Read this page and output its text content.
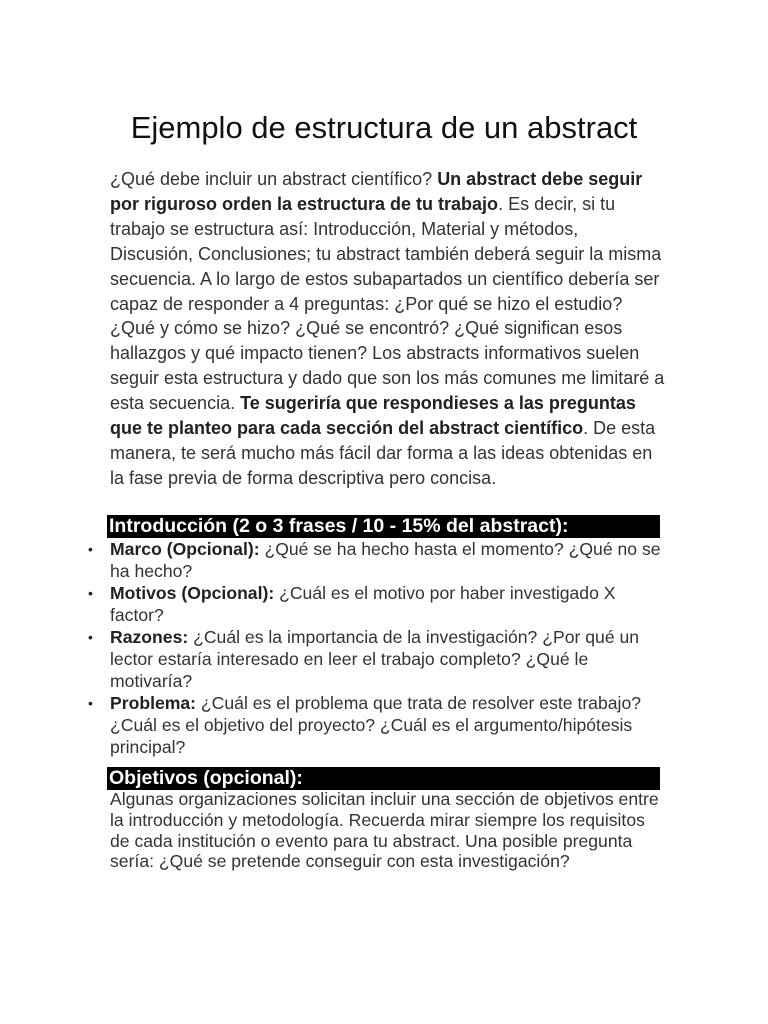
Ejemplo de estructura de un abstract

¿Qué debe incluir un abstract científico? Un abstract debe seguir por riguroso orden la estructura de tu trabajo. Es decir, si tu trabajo se estructura así: Introducción, Material y métodos, Discusión, Conclusiones; tu abstract también deberá seguir la misma secuencia. A lo largo de estos subapartados un científico debería ser capaz de responder a 4 preguntas: ¿Por qué se hizo el estudio? ¿Qué y cómo se hizo? ¿Qué se encontró? ¿Qué significan esos hallazgos y qué impacto tienen? Los abstracts informativos suelen seguir esta estructura y dado que son los más comunes me limitaré a esta secuencia. Te sugeriría que respondieses a las preguntas que te planteo para cada sección del abstract científico. De esta manera, te será mucho más fácil dar forma a las ideas obtenidas en la fase previa de forma descriptiva pero concisa.

Introducción (2 o 3 frases / 10 - 15% del abstract):
• Marco (Opcional): ¿Qué se ha hecho hasta el momento? ¿Qué no se ha hecho?
• Motivos (Opcional): ¿Cuál es el motivo por haber investigado X factor?
• Razones: ¿Cuál es la importancia de la investigación? ¿Por qué un lector estaría interesado en leer el trabajo completo? ¿Qué le motivaría?
• Problema: ¿Cuál es el problema que trata de resolver este trabajo? ¿Cuál es el objetivo del proyecto? ¿Cuál es el argumento/hipótesis principal?
Objetivos (opcional):

Algunas organizaciones solicitan incluir una sección de objetivos entre la introducción y metodología. Recuerda mirar siempre los requisitos de cada institución o evento para tu abstract. Una posible pregunta sería: ¿Qué se pretende conseguir con esta investigación?
